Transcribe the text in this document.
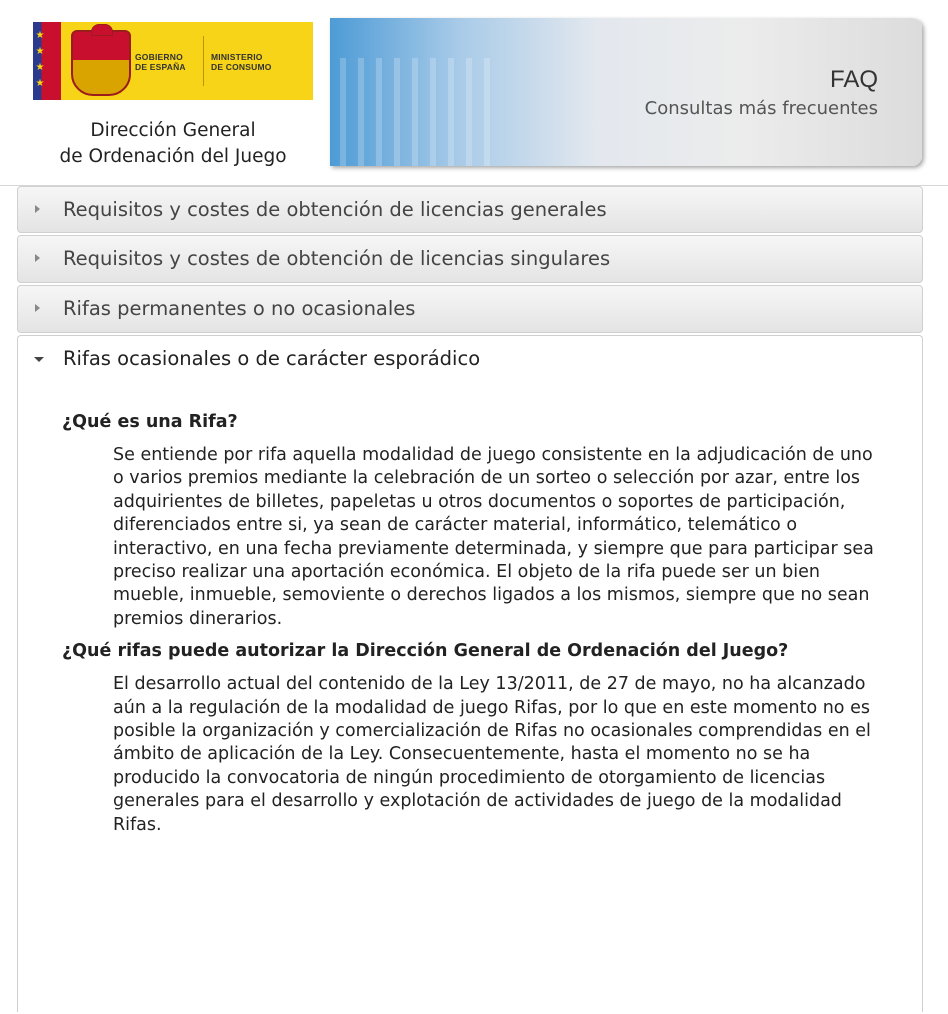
★
★
★
★
GOBIERNO
DE ESPAÑA
MINISTERIO
DE CONSUMO
Dirección General
de Ordenación del Juego
FAQ
Consultas más frecuentes
Requisitos y costes de obtención de licencias generales
Requisitos y costes de obtención de licencias singulares
Rifas permanentes o no ocasionales
Rifas ocasionales o de carácter esporádico
¿Qué es una Rifa?
Se entiende por rifa aquella modalidad de juego consistente en la adjudicación de uno o varios premios mediante la celebración de un sorteo o selección por azar, entre los adquirientes de billetes, papeletas u otros documentos o soportes de participación, diferenciados entre si, ya sean de carácter material, informático, telemático o interactivo, en una fecha previamente determinada, y siempre que para participar sea preciso realizar una aportación económica. El objeto de la rifa puede ser un bien mueble, inmueble, semoviente o derechos ligados a los mismos, siempre que no sean premios dinerarios.
¿Qué rifas puede autorizar la Dirección General de Ordenación del Juego?
El desarrollo actual del contenido de la Ley 13/2011, de 27 de mayo, no ha alcanzado aún a la regulación de la modalidad de juego Rifas, por lo que en este momento no es posible la organización y comercialización de Rifas no ocasionales comprendidas en el ámbito de aplicación de la Ley. Consecuentemente, hasta el momento no se ha producido la convocatoria de ningún procedimiento de otorgamiento de licencias generales para el desarrollo y explotación de actividades de juego de la modalidad Rifas.
